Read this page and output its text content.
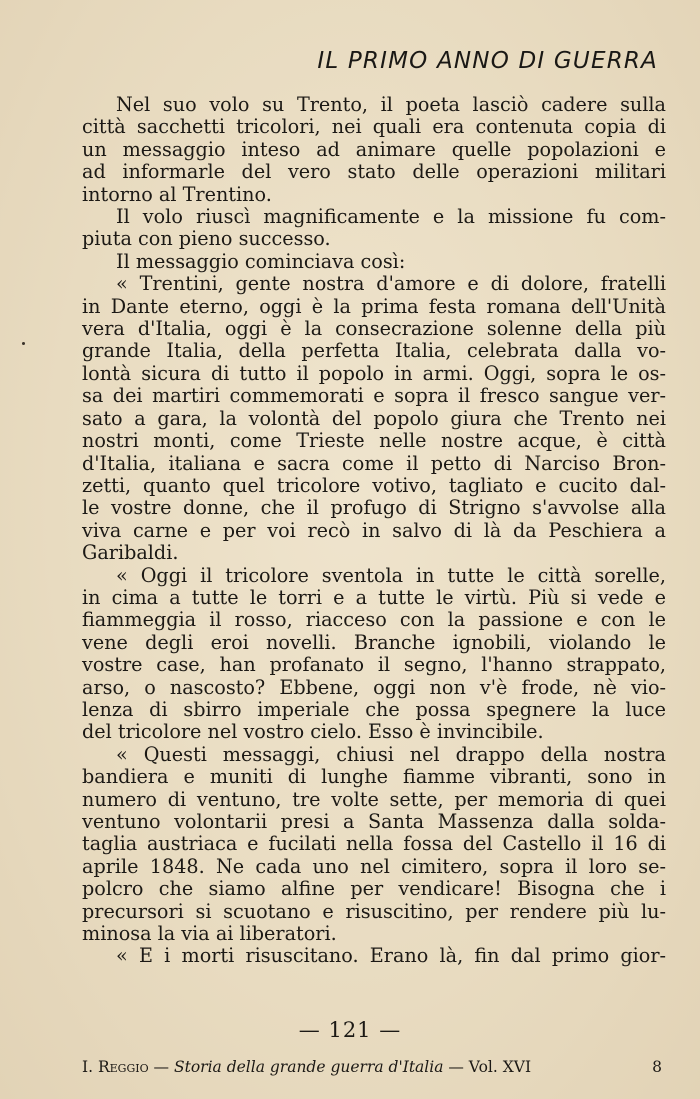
IL PRIMO ANNO DI GUERRA
Nel suo volo su Trento, il poeta lasciò cadere sulla
città sacchetti tricolori, nei quali era contenuta copia di
un messaggio inteso ad animare quelle popolazioni e
ad informarle del vero stato delle operazioni militari
intorno al Trentino.
Il volo riuscì magnificamente e la missione fu com-
piuta con pieno successo.
Il messaggio cominciava così:
« Trentini, gente nostra d'amore e di dolore, fratelli
in Dante eterno, oggi è la prima festa romana dell'Unità
vera d'Italia, oggi è la consecrazione solenne della più
grande Italia, della perfetta Italia, celebrata dalla vo-
lontà sicura di tutto il popolo in armi. Oggi, sopra le os-
sa dei martiri commemorati e sopra il fresco sangue ver-
sato a gara, la volontà del popolo giura che Trento nei
nostri monti, come Trieste nelle nostre acque, è città
d'Italia, italiana e sacra come il petto di Narciso Bron-
zetti, quanto quel tricolore votivo, tagliato e cucito dal-
le vostre donne, che il profugo di Strigno s'avvolse alla
viva carne e per voi recò in salvo di là da Peschiera a
Garibaldi.
« Oggi il tricolore sventola in tutte le città sorelle,
in cima a tutte le torri e a tutte le virtù. Più si vede e
fiammeggia il rosso, riacceso con la passione e con le
vene degli eroi novelli. Branche ignobili, violando le
vostre case, han profanato il segno, l'hanno strappato,
arso, o nascosto? Ebbene, oggi non v'è frode, nè vio-
lenza di sbirro imperiale che possa spegnere la luce
del tricolore nel vostro cielo. Esso è invincibile.
« Questi messaggi, chiusi nel drappo della nostra
bandiera e muniti di lunghe fiamme vibranti, sono in
numero di ventuno, tre volte sette, per memoria di quei
ventuno volontarii presi a Santa Massenza dalla solda-
taglia austriaca e fucilati nella fossa del Castello il 16 di
aprile 1848. Ne cada uno nel cimitero, sopra il loro se-
polcro che siamo alfine per vendicare! Bisogna che i
precursori si scuotano e risuscitino, per rendere più lu-
minosa la via ai liberatori.
« E i morti risuscitano. Erano là, fin dal primo gior-
— 121 —
I. Reggio — Storia della grande guerra d'Italia — Vol. XVI	8
